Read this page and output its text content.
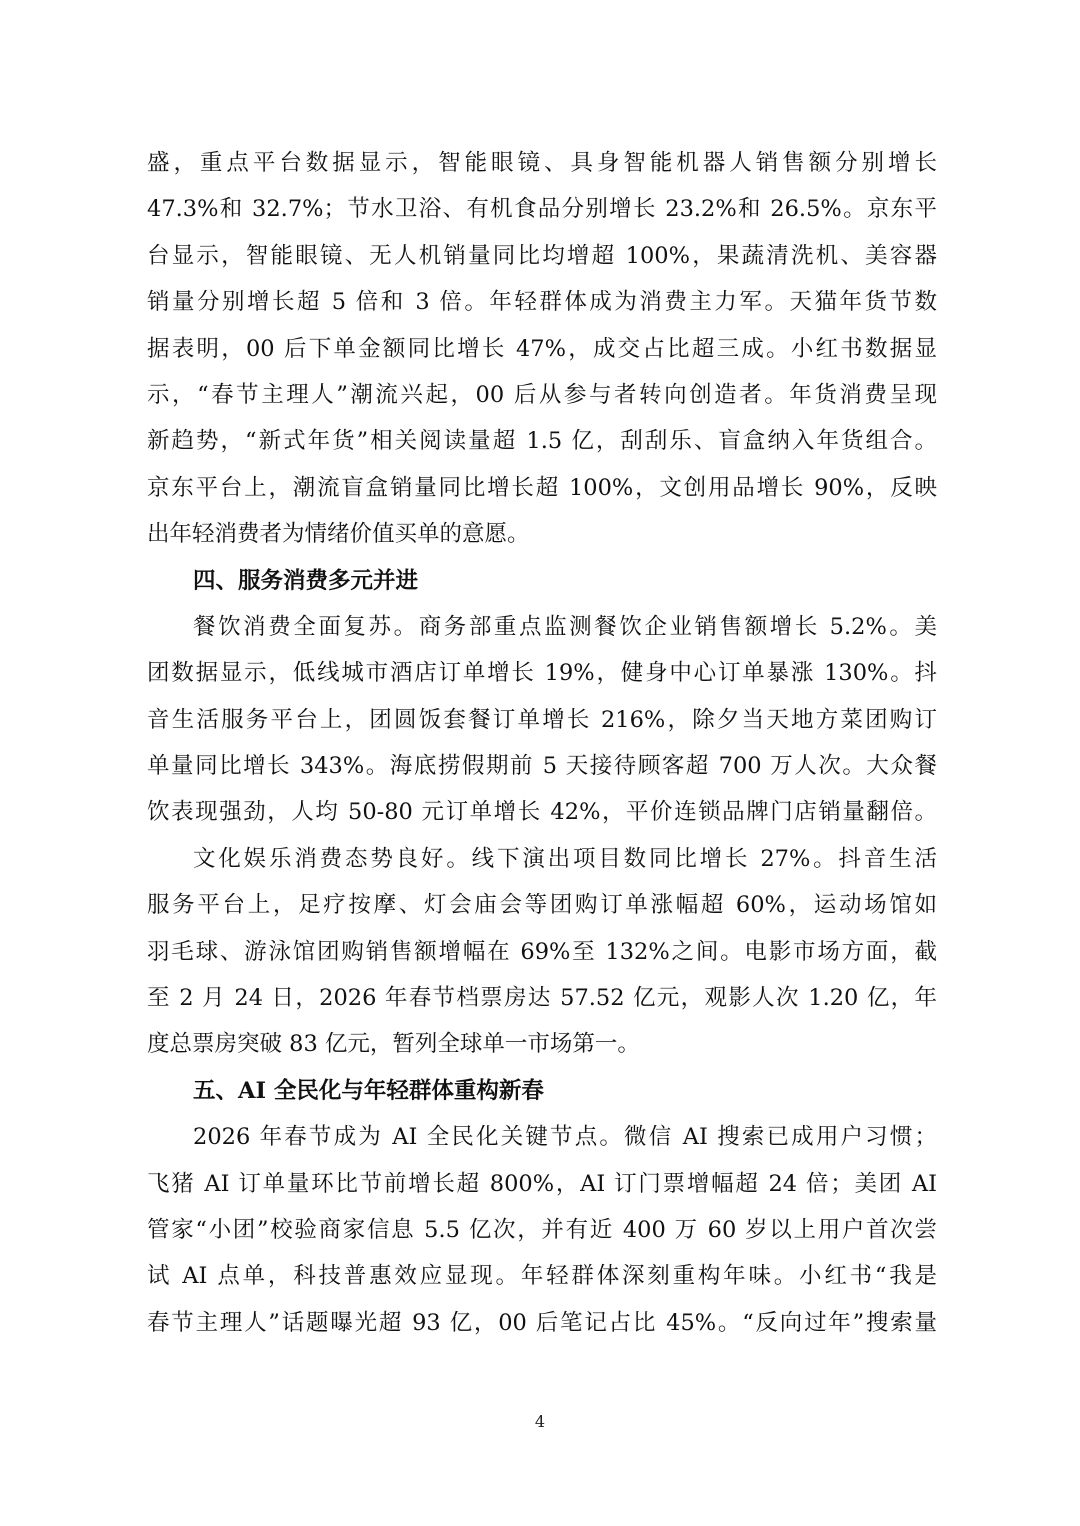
盛，重点平台数据显示，智能眼镜、具身智能机器人销售额分别增长
47.3%和 32.7%；节水卫浴、有机食品分别增长 23.2%和 26.5%。京东平
台显示，智能眼镜、无人机销量同比均增超 100%，果蔬清洗机、美容器
销量分别增长超 5 倍和 3 倍。年轻群体成为消费主力军。天猫年货节数
据表明，00 后下单金额同比增长 47%，成交占比超三成。小红书数据显
示，“春节主理人”潮流兴起，00 后从参与者转向创造者。年货消费呈现
新趋势，“新式年货”相关阅读量超 1.5 亿，刮刮乐、盲盒纳入年货组合。
京东平台上，潮流盲盒销量同比增长超 100%，文创用品增长 90%，反映
出年轻消费者为情绪价值买单的意愿。
四、服务消费多元并进
餐饮消费全面复苏。商务部重点监测餐饮企业销售额增长 5.2%。美
团数据显示，低线城市酒店订单增长 19%，健身中心订单暴涨 130%。抖
音生活服务平台上，团圆饭套餐订单增长 216%，除夕当天地方菜团购订
单量同比增长 343%。海底捞假期前 5 天接待顾客超 700 万人次。大众餐
饮表现强劲，人均 50-80 元订单增长 42%，平价连锁品牌门店销量翻倍。
文化娱乐消费态势良好。线下演出项目数同比增长 27%。抖音生活
服务平台上，足疗按摩、灯会庙会等团购订单涨幅超 60%，运动场馆如
羽毛球、游泳馆团购销售额增幅在 69%至 132%之间。电影市场方面，截
至 2 月 24 日，2026 年春节档票房达 57.52 亿元，观影人次 1.20 亿，年
度总票房突破 83 亿元，暂列全球单一市场第一。
五、AI 全民化与年轻群体重构新春
2026 年春节成为 AI 全民化关键节点。微信 AI 搜索已成用户习惯；
飞猪 AI 订单量环比节前增长超 800%，AI 订门票增幅超 24 倍；美团 AI
管家“小团”校验商家信息 5.5 亿次，并有近 400 万 60 岁以上用户首次尝
试 AI 点单，科技普惠效应显现。年轻群体深刻重构年味。小红书“我是
春节主理人”话题曝光超 93 亿，00 后笔记占比 45%。“反向过年”搜索量
4
